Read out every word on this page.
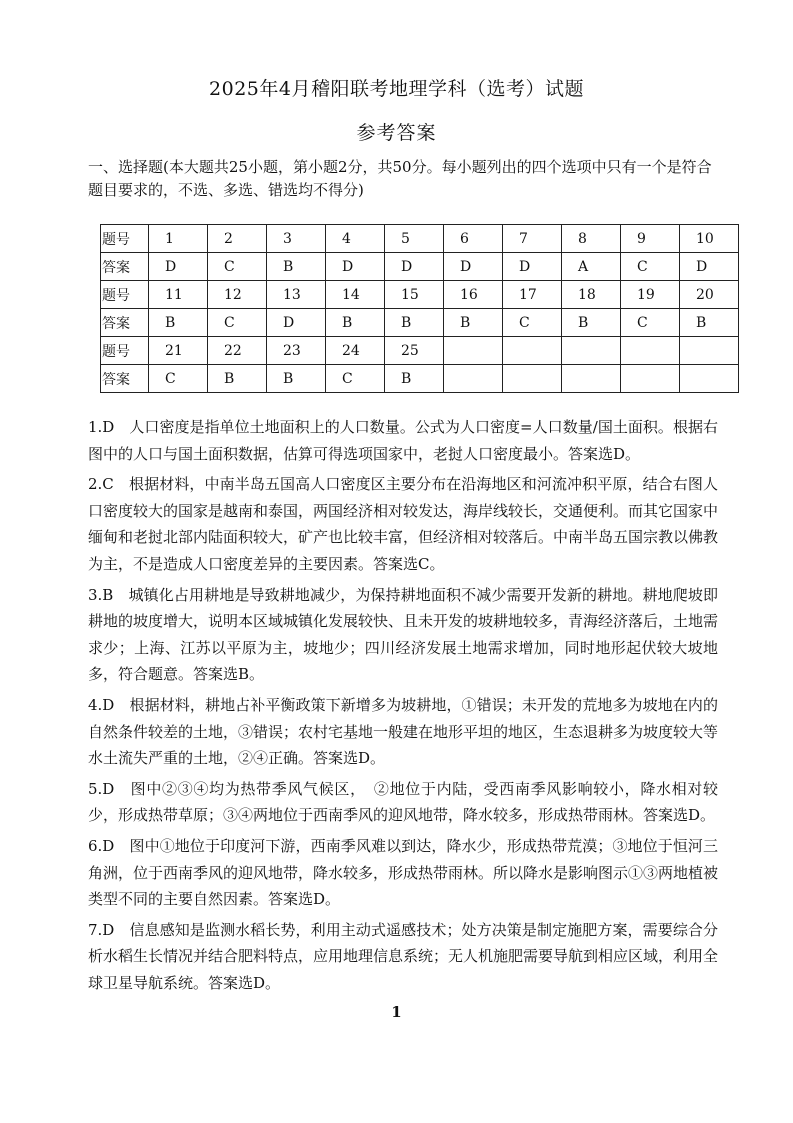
2025年4月稽阳联考地理学科（选考）试题
参考答案
一、选择题(本大题共25小题，第小题2分，共50分。每小题列出的四个选项中只有一个是符合题目要求的，不选、多选、错选均不得分)
题号	1	2	3	4	5	6	7	8	9	10
答案	D	C	B	D	D	D	D	A	C	D
题号	11	12	13	14	15	16	17	18	19	20
答案	B	C	D	B	B	B	C	B	C	B
题号	21	22	23	24	25					
答案	C	B	B	C	B					

1.D　人口密度是指单位土地面积上的人口数量。公式为人口密度=人口数量/国土面积。根据右图中的人口与国土面积数据，估算可得选项国家中，老挝人口密度最小。答案选D。

2.C　根据材料，中南半岛五国高人口密度区主要分布在沿海地区和河流冲积平原，结合右图人口密度较大的国家是越南和泰国，两国经济相对较发达，海岸线较长，交通便利。而其它国家中缅甸和老挝北部内陆面积较大，矿产也比较丰富，但经济相对较落后。中南半岛五国宗教以佛教为主，不是造成人口密度差异的主要因素。答案选C。

3.B　城镇化占用耕地是导致耕地减少，为保持耕地面积不减少需要开发新的耕地。耕地爬坡即耕地的坡度增大，说明本区域城镇化发展较快、且未开发的坡耕地较多，青海经济落后，土地需求少；上海、江苏以平原为主，坡地少；四川经济发展土地需求增加，同时地形起伏较大坡地多，符合题意。答案选B。

4.D　根据材料，耕地占补平衡政策下新增多为坡耕地，①错误；未开发的荒地多为坡地在内的自然条件较差的土地，③错误；农村宅基地一般建在地形平坦的地区，生态退耕多为坡度较大等水土流失严重的土地，②④正确。答案选D。

5.D　图中②③④均为热带季风气候区，　②地位于内陆，受西南季风影响较小，降水相对较少，形成热带草原；③④两地位于西南季风的迎风地带，降水较多，形成热带雨林。答案选D。

6.D　图中①地位于印度河下游，西南季风难以到达，降水少，形成热带荒漠；③地位于恒河三角洲，位于西南季风的迎风地带，降水较多，形成热带雨林。所以降水是影响图示①③两地植被类型不同的主要自然因素。答案选D。

7.D　信息感知是监测水稻长势，利用主动式遥感技术；处方决策是制定施肥方案，需要综合分析水稻生长情况并结合肥料特点，应用地理信息系统；无人机施肥需要导航到相应区域，利用全球卫星导航系统。答案选D。

1
